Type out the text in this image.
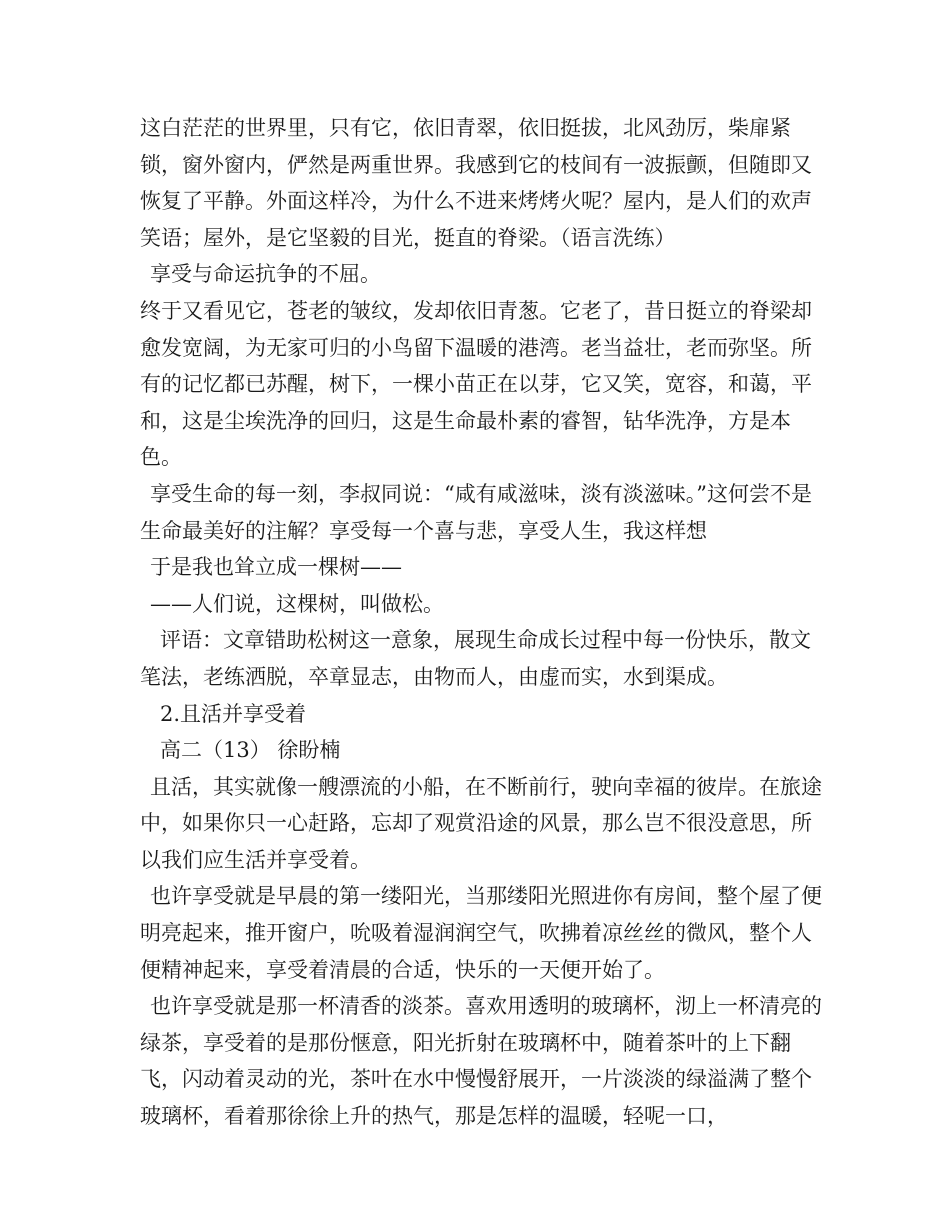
这白茫茫的世界里，只有它，依旧青翠，依旧挺拔，北风劲厉，柴扉紧锁，窗外窗内，俨然是两重世界。我感到它的枝间有一波振颤，但随即又恢复了平静。外面这样冷，为什么不进来烤烤火呢？屋内，是人们的欢声笑语；屋外，是它坚毅的目光，挺直的脊梁。（语言洗练）

享受与命运抗争的不屈。

终于又看见它，苍老的皱纹，发却依旧青葱。它老了，昔日挺立的脊梁却愈发宽阔，为无家可归的小鸟留下温暖的港湾。老当益壮，老而弥坚。所有的记忆都已苏醒，树下，一棵小苗正在以芽，它又笑，宽容，和蔼，平和，这是尘埃洗净的回归，这是生命最朴素的睿智，钻华洗净，方是本色。

享受生命的每一刻，李叔同说：“咸有咸滋味，淡有淡滋味。”这何尝不是生命最美好的注解？享受每一个喜与悲，享受人生，我这样想

于是我也耸立成一棵树——

——人们说，这棵树，叫做松。

评语：文章错助松树这一意象，展现生命成长过程中每一份快乐，散文笔法，老练洒脱，卒章显志，由物而人，由虚而实，水到渠成。

2.且活并享受着

高二（13） 徐盼楠

且活，其实就像一艘漂流的小船，在不断前行，驶向幸福的彼岸。在旅途中，如果你只一心赶路，忘却了观赏沿途的风景，那么岂不很没意思，所以我们应生活并享受着。

也许享受就是早晨的第一缕阳光，当那缕阳光照进你有房间，整个屋了便明亮起来，推开窗户，吮吸着湿润润空气，吹拂着凉丝丝的微风，整个人便精神起来，享受着清晨的合适，快乐的一天便开始了。

也许享受就是那一杯清香的淡茶。喜欢用透明的玻璃杯，沏上一杯清亮的绿茶，享受着的是那份惬意，阳光折射在玻璃杯中，随着茶叶的上下翻飞，闪动着灵动的光，茶叶在水中慢慢舒展开，一片淡淡的绿溢满了整个玻璃杯，看着那徐徐上升的热气，那是怎样的温暖，轻呢一口，
